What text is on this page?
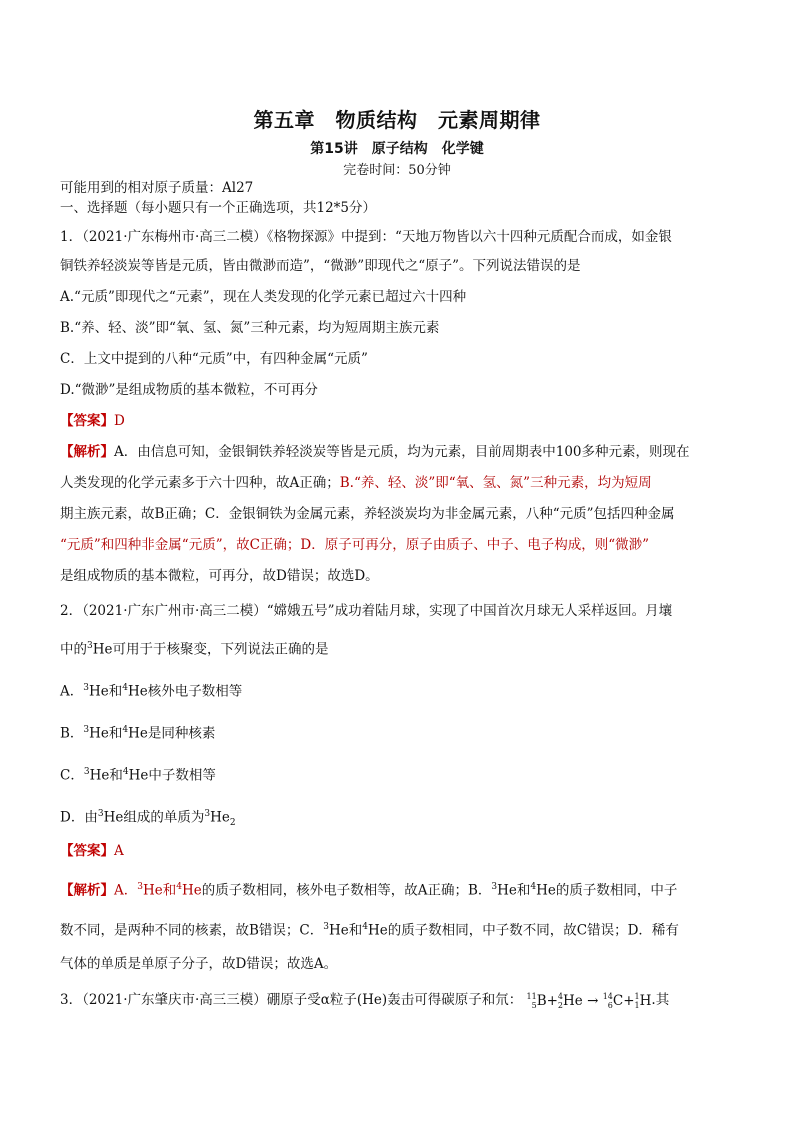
第五章　物质结构　元素周期律
第15讲　原子结构　化学键
完卷时间：50分钟
可能用到的相对原子质量：Al27
一、选择题（每小题只有一个正确选项，共12*5分）
1．（2021·广东梅州市·高三二模）《格物探源》中提到：“天地万物皆以六十四种元质配合而成，如金银
铜铁养轻淡炭等皆是元质，皆由微渺而造”，“微渺”即现代之“原子”。下列说法错误的是
A.“元质”即现代之“元素”，现在人类发现的化学元素已超过六十四种
B.“养、轻、淡”即“氧、氢、氮”三种元素，均为短周期主族元素
C．上文中提到的八种“元质”中，有四种金属“元质”
D.“微渺”是组成物质的基本微粒，不可再分
【答案】D
【解析】A．由信息可知，金银铜铁养轻淡炭等皆是元质，均为元素，目前周期表中100多种元素，则现在
人类发现的化学元素多于六十四种，故A正确；B.“养、轻、淡”即“氧、氢、氮”三种元素，均为短周
期主族元素，故B正确；C．金银铜铁为金属元素，养轻淡炭均为非金属元素，八种“元质”包括四种金属
“元质”和四种非金属“元质”，故C正确；D．原子可再分，原子由质子、中子、电子构成，则“微渺”
是组成物质的基本微粒，可再分，故D错误；故选D。
2．（2021·广东广州市·高三二模）“嫦娥五号”成功着陆月球，实现了中国首次月球无人采样返回。月壤
中的$^3$He可用于于核聚变，下列说法正确的是
A．$^3$He和$^4$He核外电子数相等
B．$^3$He和$^4$He是同种核素
C．$^3$He和$^4$He中子数相等
D．由$^3$He组成的单质为$^3He_2$
【答案】A
【解析】A．$^3$He和$^4$He的质子数相同，核外电子数相等，故A正确；B．$^3$He和$^4$He的质子数相同，中子
数不同，是两种不同的核素，故B错误；C．$^3$He和$^4$He的质子数相同，中子数不同，故C错误；D．稀有
气体的单质是单原子分子，故D错误；故选A。
3．（2021·广东肇庆市·高三三模）硼原子受α粒子(He)轰击可得碳原子和氘： 11
5 B+ 4
2 He → 14
6 C+ 1
1 H.其
